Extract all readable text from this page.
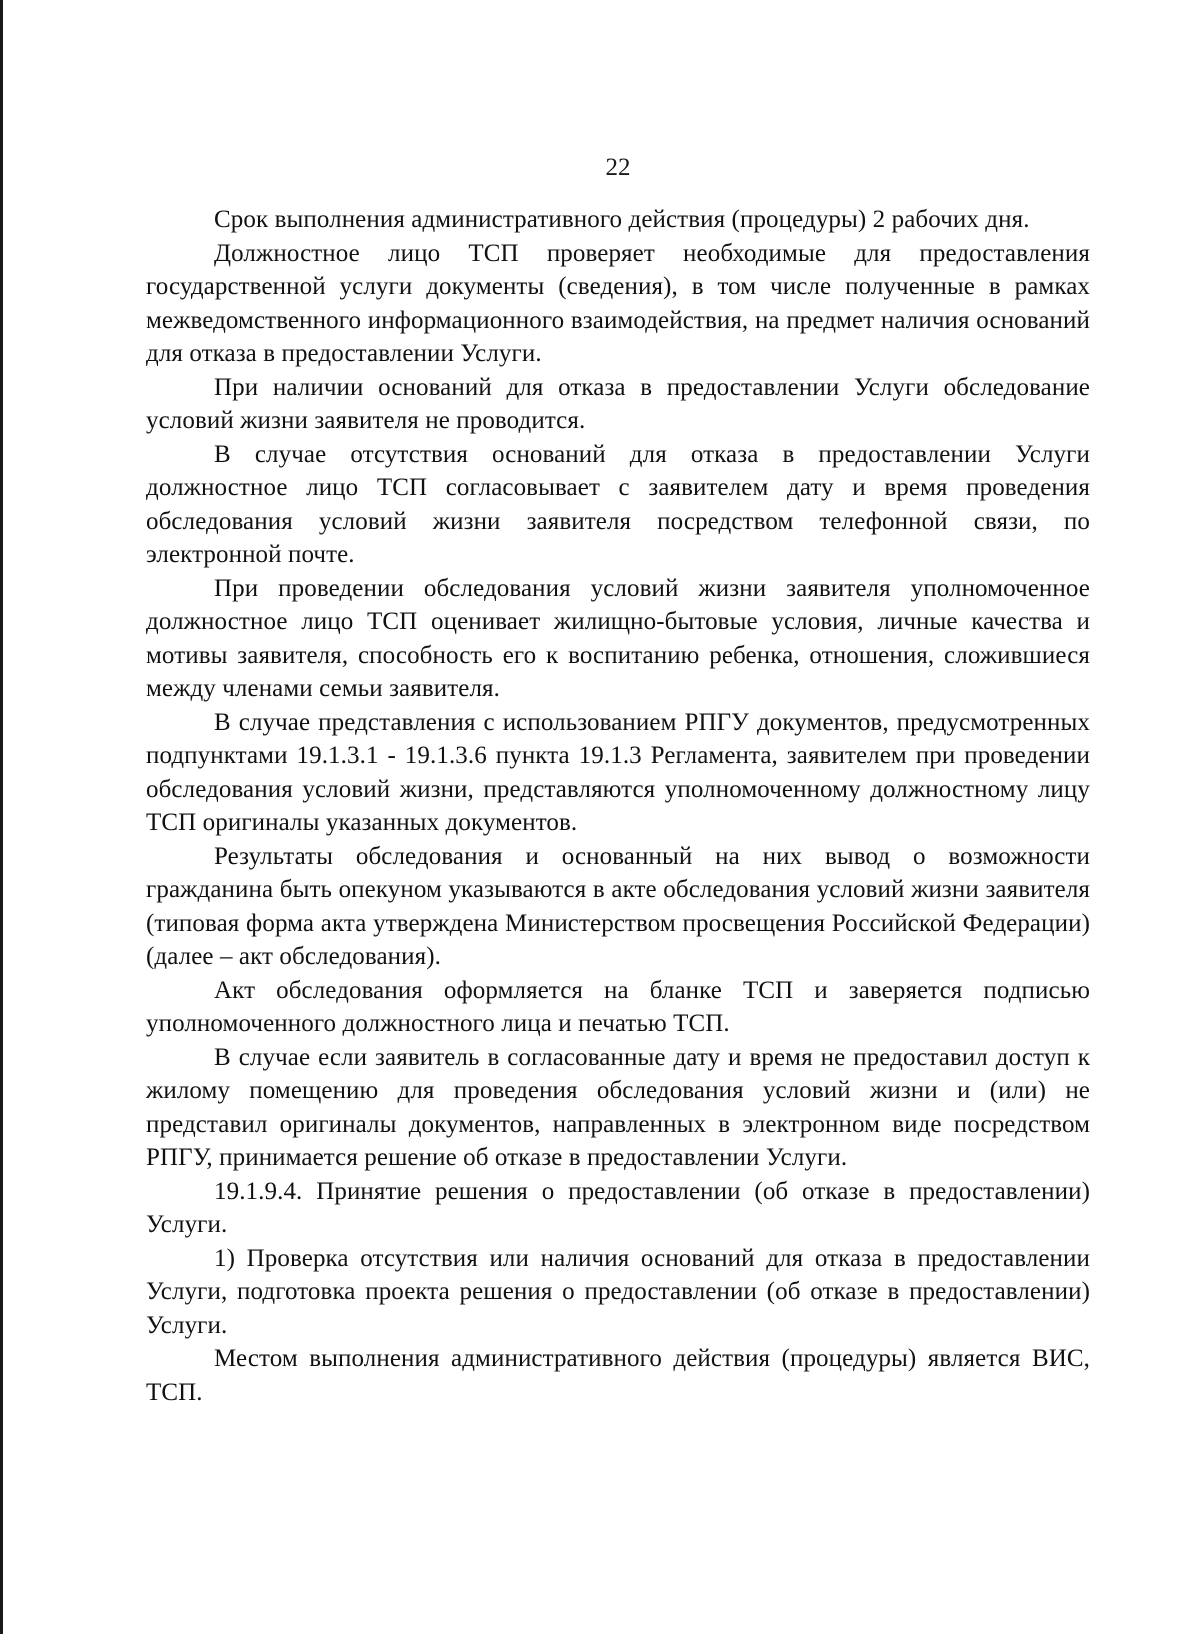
22

Срок выполнения административного действия (процедуры) 2 рабочих дня.

Должностное лицо ТСП проверяет необходимые для предоставления государственной услуги документы (сведения), в том числе полученные в рамках межведомственного информационного взаимодействия, на предмет наличия оснований для отказа в предоставлении Услуги.

При наличии оснований для отказа в предоставлении Услуги обследование условий жизни заявителя не проводится.

В случае отсутствия оснований для отказа в предоставлении Услуги должностное лицо ТСП согласовывает с заявителем дату и время проведения обследования условий жизни заявителя посредством телефонной связи, по электронной почте.

При проведении обследования условий жизни заявителя уполномоченное должностное лицо ТСП оценивает жилищно-бытовые условия, личные качества и мотивы заявителя, способность его к воспитанию ребенка, отношения, сложившиеся между членами семьи заявителя.

В случае представления с использованием РПГУ документов, предусмотренных подпунктами 19.1.3.1 - 19.1.3.6 пункта 19.1.3 Регламента, заявителем при проведении обследования условий жизни, представляются уполномоченному должностному лицу ТСП оригиналы указанных документов.

Результаты обследования и основанный на них вывод о возможности гражданина быть опекуном указываются в акте обследования условий жизни заявителя (типовая форма акта утверждена Министерством просвещения Российской Федерации) (далее – акт обследования).

Акт обследования оформляется на бланке ТСП и заверяется подписью уполномоченного должностного лица и печатью ТСП.

В случае если заявитель в согласованные дату и время не предоставил доступ к жилому помещению для проведения обследования условий жизни и (или) не представил оригиналы документов, направленных в электронном виде посредством РПГУ, принимается решение об отказе в предоставлении Услуги.

19.1.9.4. Принятие решения о предоставлении (об отказе в предоставлении) Услуги.

1) Проверка отсутствия или наличия оснований для отказа в предоставлении Услуги, подготовка проекта решения о предоставлении (об отказе в предоставлении) Услуги.

Местом выполнения административного действия (процедуры) является ВИС, ТСП.
